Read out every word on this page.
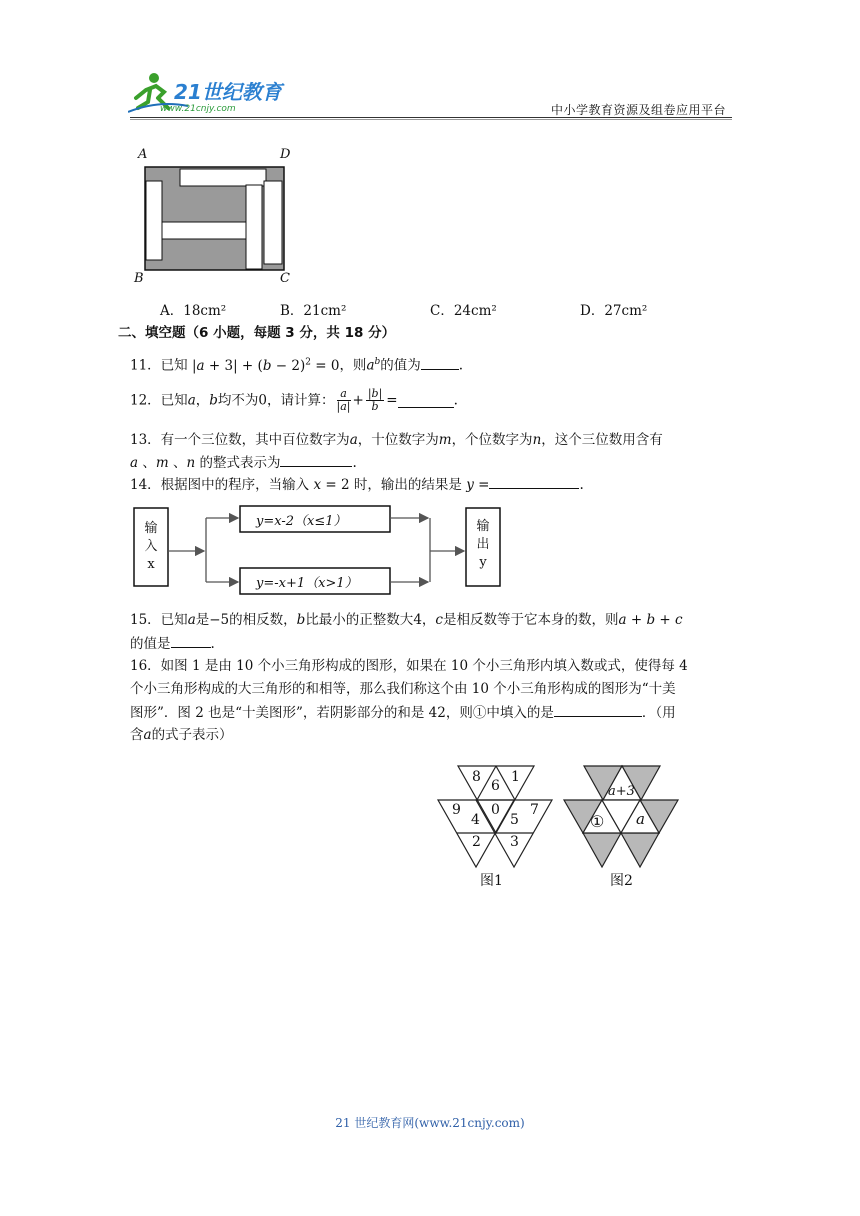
21世纪教育
www.21cnjy.com	中小学教育资源及组卷应用平台
A	D
B	C
A．18cm²	B．21cm²	C．24cm²	D．27cm²
二、填空题（6 小题，每题 3 分，共 18 分）
11．已知 $|a + 3| + (b - 2)^2 = 0$，则$a^b$的值为	.
12．已知a，b均不为0，请计算： $\frac{a}{|a|} + \frac{|b|}{b}$ =	.
13．有一个三位数，其中百位数字为a，十位数字为m，个位数字为n，这个三位数用含有
a 、m 、n 的整式表示为	.
14．根据图中的程序，当输入 x = 2 时，输出的结果是 y =	.
输
入
x
输
出
y
y=x-2（x≤1）
y=-x+1（x>1）
15．已知a是−5的相反数，b比最小的正整数大4，c是相反数等于它本身的数，则a + b + c
的值是	.
16．如图 1 是由 10 个小三角形构成的图形，如果在 10 个小三角形内填入数或式，使得每 4
个小三角形构成的大三角形的和相等，那么我们称这个由 10 个小三角形构成的图形为“十美
图形”．图 2 也是“十美图形”，若阴影部分的和是 42，则①中填入的是	．（用
含a的式子表示）
8
6
1
9
4
0
5
7
2 3
图1
a+3
① a
图2
21 世纪教育网(www.21cnjy.com)
